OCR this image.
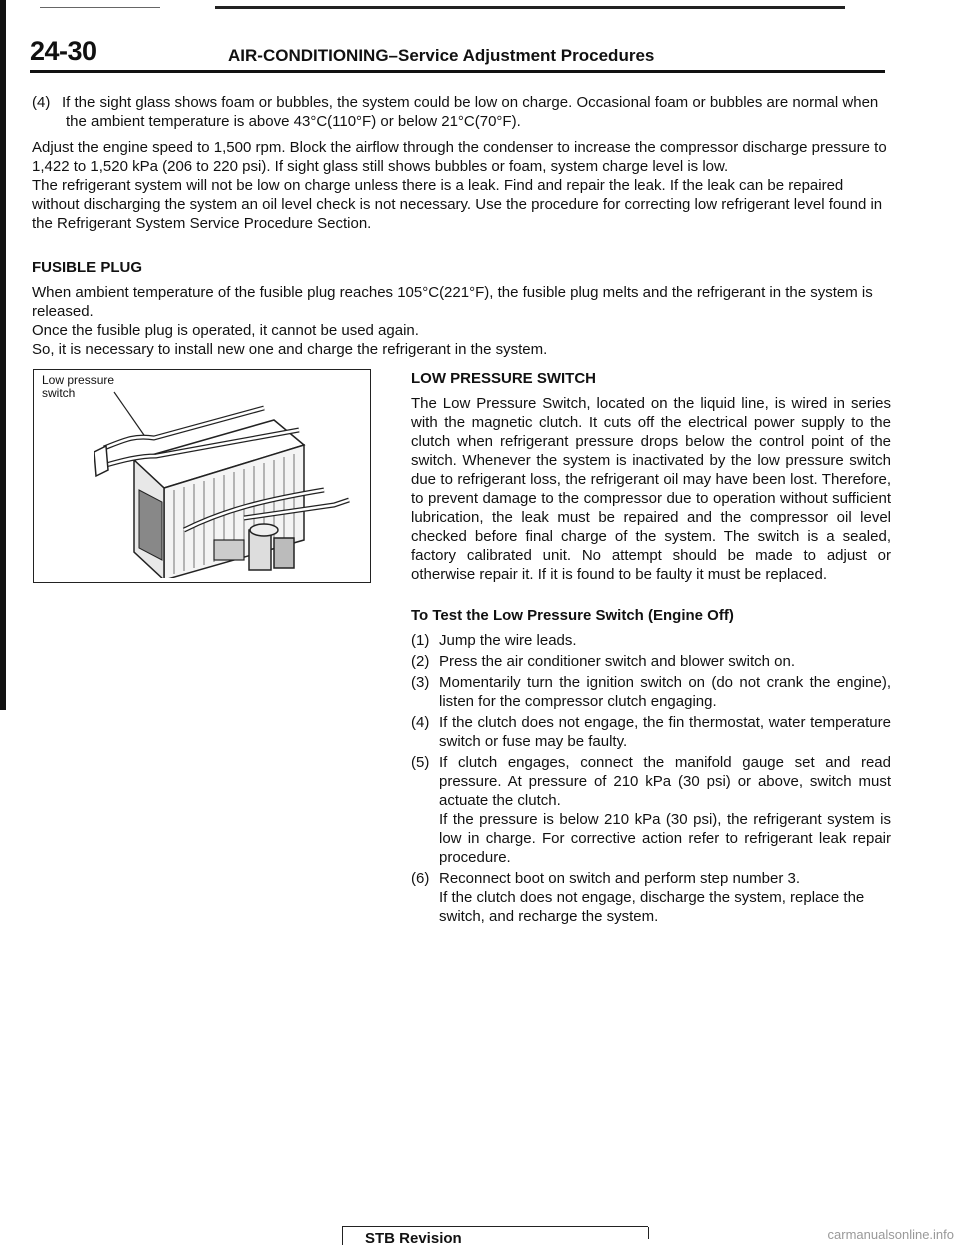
24-30	AIR-CONDITIONING–Service Adjustment Procedures

(4) If the sight glass shows foam or bubbles, the system could be low on charge. Occasional foam or bubbles are normal when the ambient temperature is above 43°C(110°F) or below 21°C(70°F).

Adjust the engine speed to 1,500 rpm. Block the airflow through the condenser to increase the compressor discharge pressure to 1,422 to 1,520 kPa (206 to 220 psi). If sight glass still shows bubbles or foam, system charge level is low.

The refrigerant system will not be low on charge unless there is a leak. Find and repair the leak. If the leak can be repaired without discharging the system an oil level check is not necessary. Use the procedure for correcting low refrigerant level found in the Refrigerant System Service Procedure Section.

FUSIBLE PLUG

When ambient temperature of the fusible plug reaches 105°C(221°F), the fusible plug melts and the refrigerant in the system is released.

Once the fusible plug is operated, it cannot be used again.

So, it is necessary to install new one and charge the refrigerant in the system.

Low pressure switch

LOW PRESSURE SWITCH

The Low Pressure Switch, located on the liquid line, is wired in series with the magnetic clutch. It cuts off the electrical power supply to the clutch when refrigerant pressure drops below the control point of the switch. Whenever the system is inactivated by the low pressure switch due to refrigerant loss, the refrigerant oil may have been lost. Therefore, to prevent damage to the compressor due to operation without sufficient lubrication, the leak must be repaired and the compressor oil level checked before final charge of the system. The switch is a sealed, factory calibrated unit. No attempt should be made to adjust or otherwise repair it. If it is found to be faulty it must be replaced.

To Test the Low Pressure Switch (Engine Off)

(1) Jump the wire leads.
(2) Press the air conditioner switch and blower switch on.
(3) Momentarily turn the ignition switch on (do not crank the engine), listen for the compressor clutch engaging.
(4) If the clutch does not engage, the fin thermostat, water temperature switch or fuse may be faulty.
(5) If clutch engages, connect the manifold gauge set and read pressure. At pressure of 210 kPa (30 psi) or above, switch must actuate the clutch.

If the pressure is below 210 kPa (30 psi), the refrigerant system is low in charge. For corrective action refer to refrigerant leak repair procedure.

(6) Reconnect boot on switch and perform step number 3.

If the clutch does not engage, discharge the system, replace the switch, and recharge the system.

STB Revision	carmanualsonline.info
